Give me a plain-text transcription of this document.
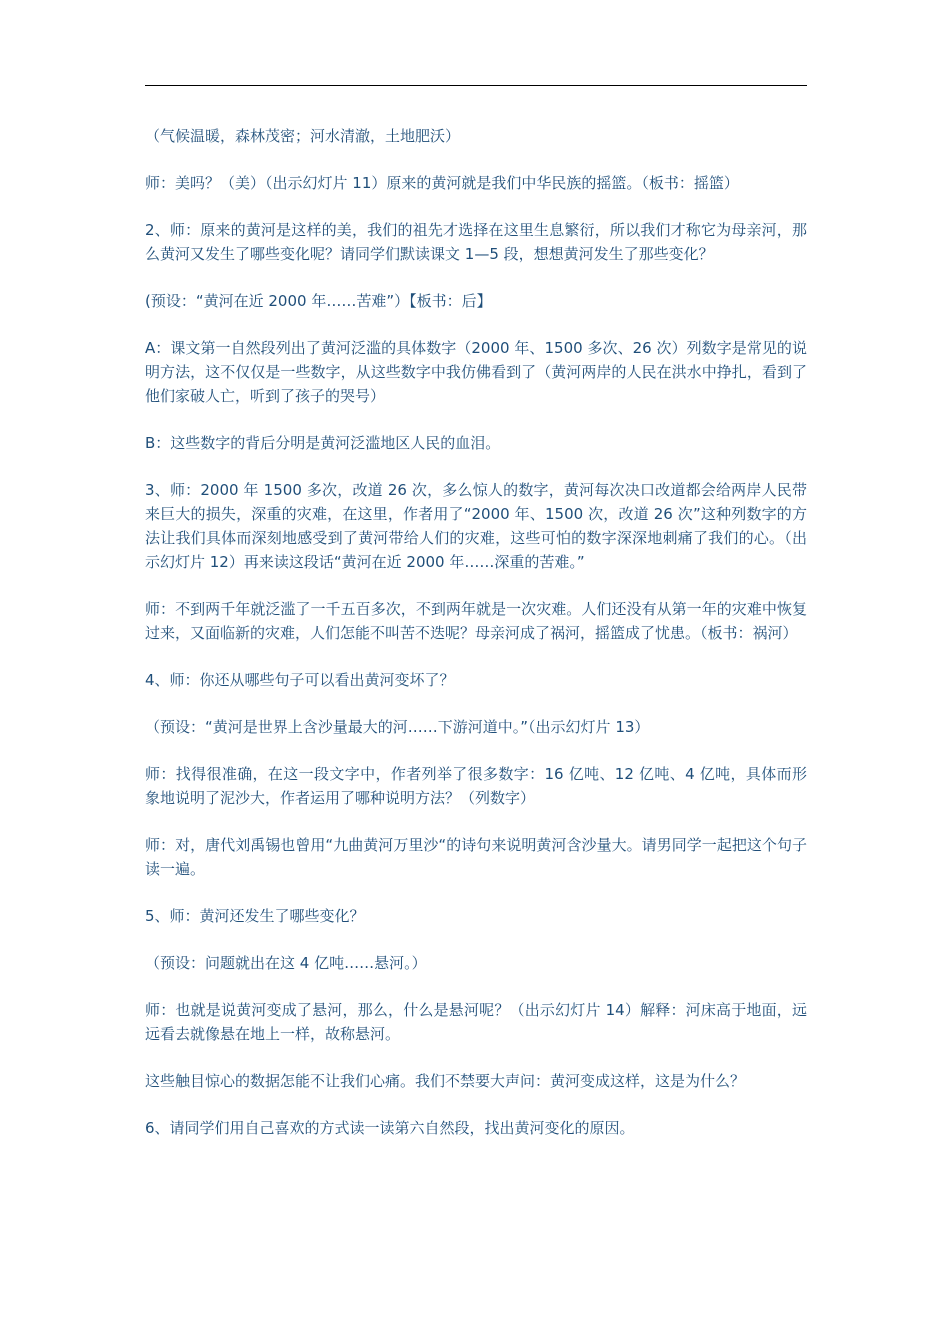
（气候温暖，森林茂密；河水清澈，土地肥沃）

师：美吗？（美）（出示幻灯片 11）原来的黄河就是我们中华民族的摇篮。（板书：摇篮）

2、师：原来的黄河是这样的美，我们的祖先才选择在这里生息繁衍，所以我们才称它为母亲河，那么黄河又发生了哪些变化呢？请同学们默读课文 1—5 段，想想黄河发生了那些变化？

(预设：“黄河在近 2000 年……苦难”）【板书：后】

A：课文第一自然段列出了黄河泛滥的具体数字（2000 年、1500 多次、26 次）列数字是常见的说明方法，这不仅仅是一些数字，从这些数字中我仿佛看到了（黄河两岸的人民在洪水中挣扎，看到了他们家破人亡，听到了孩子的哭号）

B：这些数字的背后分明是黄河泛滥地区人民的血泪。

3、师：2000 年 1500 多次，改道 26 次，多么惊人的数字，黄河每次决口改道都会给两岸人民带来巨大的损失，深重的灾难，在这里，作者用了“2000 年、1500 次，改道 26 次”这种列数字的方法让我们具体而深刻地感受到了黄河带给人们的灾难，这些可怕的数字深深地刺痛了我们的心。（出示幻灯片 12）再来读这段话“黄河在近 2000 年……深重的苦难。”

师：不到两千年就泛滥了一千五百多次，不到两年就是一次灾难。人们还没有从第一年的灾难中恢复过来，又面临新的灾难，人们怎能不叫苦不迭呢？母亲河成了祸河，摇篮成了忧患。（板书：祸河）

4、师：你还从哪些句子可以看出黄河变坏了？

（预设：“黄河是世界上含沙量最大的河……下游河道中。”（出示幻灯片 13）

师：找得很准确，在这一段文字中，作者列举了很多数字：16 亿吨、12 亿吨、4 亿吨，具体而形象地说明了泥沙大，作者运用了哪种说明方法？（列数字）

师：对，唐代刘禹锡也曾用“九曲黄河万里沙“的诗句来说明黄河含沙量大。请男同学一起把这个句子读一遍。

5、师：黄河还发生了哪些变化？

（预设：问题就出在这 4 亿吨……悬河。）

师：也就是说黄河变成了悬河，那么，什么是悬河呢？（出示幻灯片 14）解释：河床高于地面，远远看去就像悬在地上一样，故称悬河。

这些触目惊心的数据怎能不让我们心痛。我们不禁要大声问：黄河变成这样，这是为什么？

6、请同学们用自己喜欢的方式读一读第六自然段，找出黄河变化的原因。
